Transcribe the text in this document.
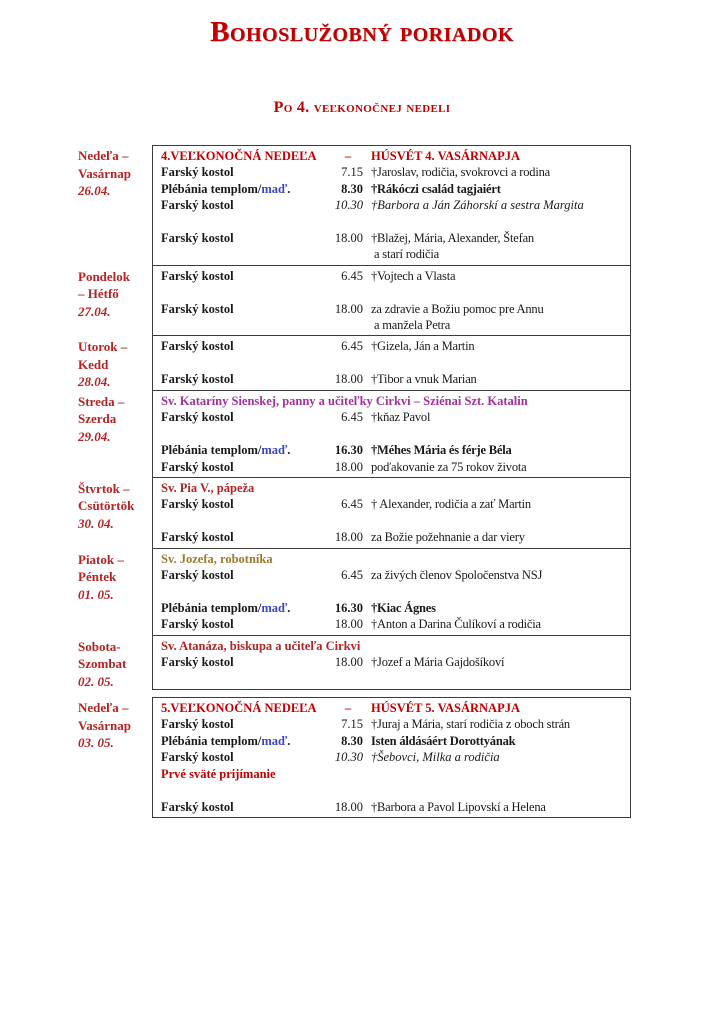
Bohoslužobný poriadok
Po 4. veľkonočnej nedeli
Nedeľa –
Vasárnap
26.04.
4.VEĽKONOČNÁ NEDEĽA	–	HÚSVÉT 4. VASÁRNAPJA
Farský kostol	7.15 †Jaroslav, rodičia, svokrovci a rodina
Plébánia templom/maď.	8.30 †Rákóczi család tagjaiért
Farský kostol	10.30 †Barbora a Ján Záhorskí a sestra Margita
Farský kostol	18.00 †Blažej, Mária, Alexander, Štefan
a starí rodičia
Pondelok
– Hétfő
27.04.
Farský kostol	6.45 †Vojtech a Vlasta
Farský kostol	18.00 za zdravie a Božiu pomoc pre Annu
a manžela Petra
Utorok –
Kedd
28.04.
Farský kostol	6.45 †Gizela, Ján a Martin
Farský kostol	18.00 †Tibor a vnuk Marian
Streda –
Szerda
29.04.
Sv. Kataríny Sienskej, panny a učiteľky Cirkvi – Sziénai Szt. Katalin
Farský kostol	6.45 †kňaz Pavol
Plébánia templom/maď.	16.30 †Méhes Mária és férje Béla
Farský kostol	18.00 poďakovanie za 75 rokov života
Štvrtok –
Csütörtök
30. 04.
Sv. Pia V., pápeža
Farský kostol	6.45 † Alexander, rodičia a zať Martin
Farský kostol	18.00 za Božie požehnanie a dar viery
Piatok –
Péntek
01. 05.
Sv. Jozefa, robotníka
Farský kostol	6.45 za živých členov Spoločenstva NSJ
Plébánia templom/maď.	16.30 †Kiac Ágnes
Farský kostol	18.00 †Anton a Darina Čulíkoví a rodičia
Sobota-
Szombat
02. 05.
Sv. Atanáza, biskupa a učiteľa Cirkvi
Farský kostol	18.00 †Jozef a Mária Gajdošíkoví
Nedeľa –
Vasárnap
03. 05.
5.VEĽKONOČNÁ NEDEĽA	–	HÚSVÉT 5. VASÁRNAPJA
Farský kostol	7.15 †Juraj a Mária, starí rodičia z oboch strán
Plébánia templom/maď.	8.30 Isten áldásáért Dorottyának
Farský kostol	10.30 †Šebovci, Milka a rodičia
Prvé sväté prijímanie
Farský kostol	18.00 †Barbora a Pavol Lipovskí a Helena
